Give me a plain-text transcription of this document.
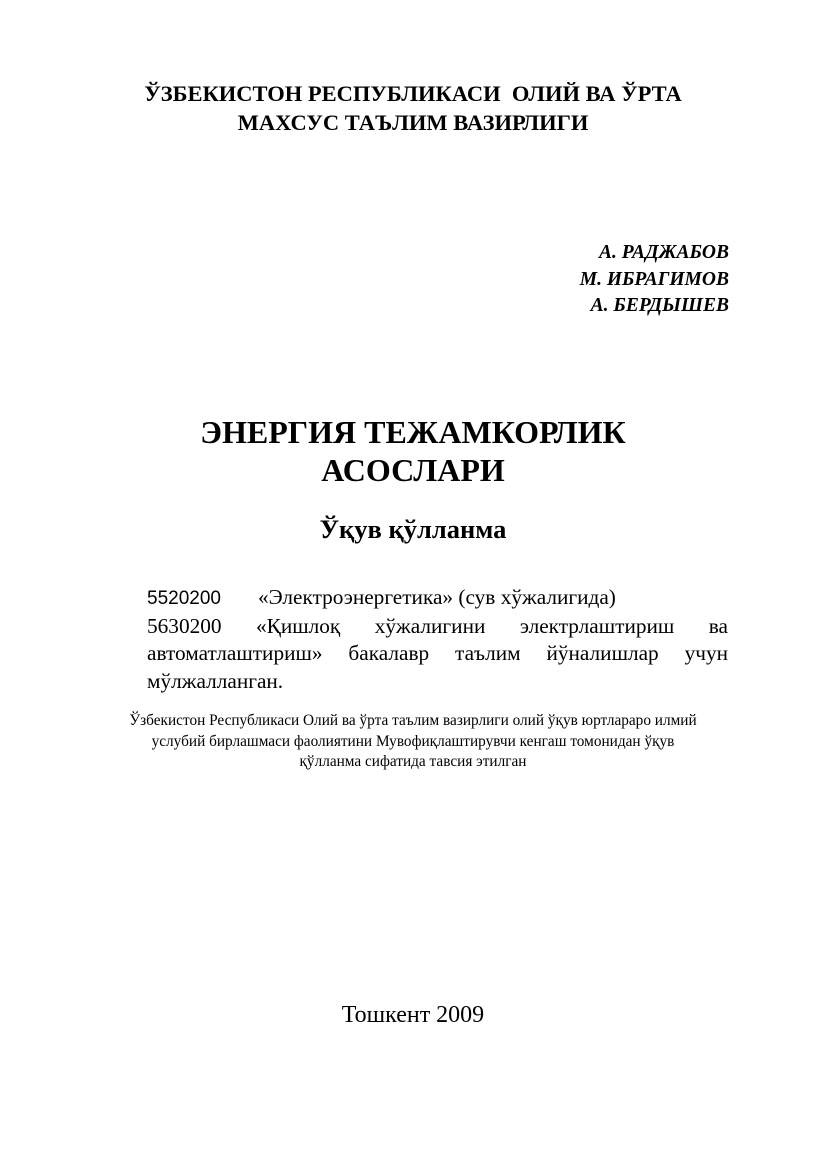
ЎЗБЕКИСТОН РЕСПУБЛИКАСИ  ОЛИЙ ВА ЎРТА
МАХСУС ТАЪЛИМ ВАЗИРЛИГИ
А. РАДЖАБОВ
М. ИБРАГИМОВ
А. БЕРДЫШЕВ
ЭНЕРГИЯ ТЕЖАМКОРЛИК
АСОСЛАРИ
Ўқув қўлланма
5520200 «Электроэнергетика» (сув хўжалигида)
5630200 «Қишлоқ хўжалигини электрлаштириш ва автоматлаштириш» бакалавр таълим йўналишлар учун мўлжалланган.
Ўзбекистон Республикаси Олий ва ўрта таълим вазирлиги олий ўқув юртлараро илмий
услубий бирлашмаси фаолиятини Мувофиқлаштирувчи кенгаш томонидан ўқув
қўлланма сифатида тавсия этилган
Тошкент 2009
